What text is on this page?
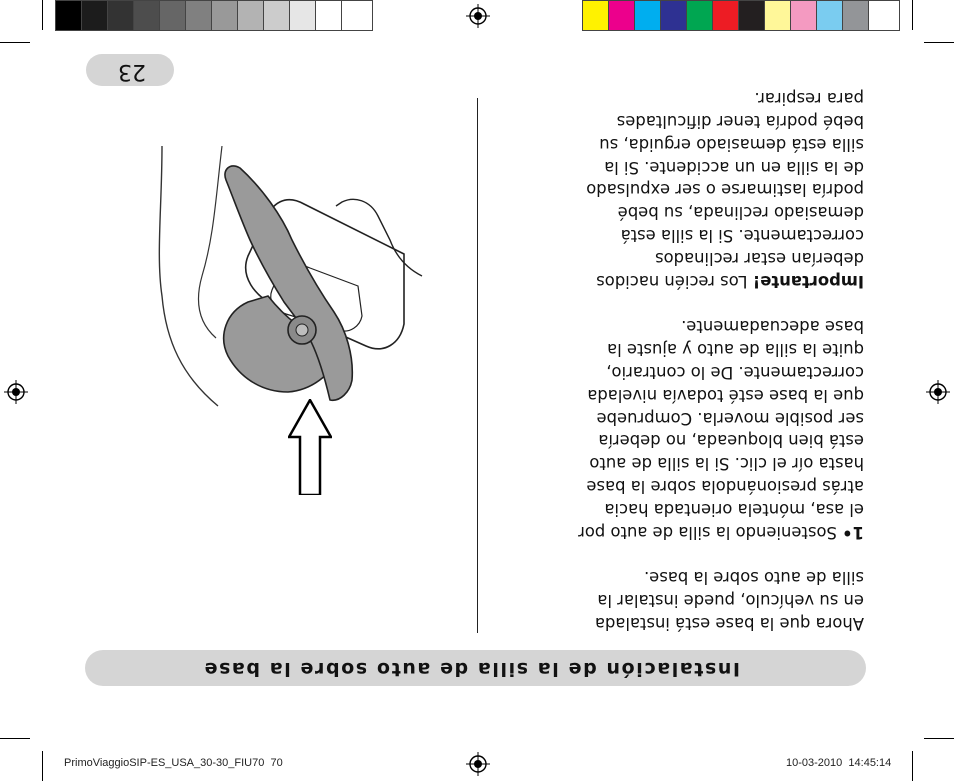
PrimoViaggioSIP-ES_USA_30-30_FIU70 70	10-03-2010 14:45:14
Instalación de la silla de auto sobre la base
23

Ahora que la base está instalada en su vehículo, puede instalar la silla de auto sobre la base.

1• Sosteniendo la silla de auto por el asa, móntela orientada hacia atrás presionándola sobre la base hasta oír el clic. Si la silla de auto está bien bloqueada, no debería ser posible moverla. Compruebe que la base esté todavía nivelada correctamente. De lo contrario, quite la silla de auto y ajuste la base adecuadamente.

Importante! Los recién nacidos deberían estar reclinados correctamente. Si la silla está demasiado reclinada, su bebé podría lastimarse o ser expulsado de la silla en un accidente. Si la silla está demasiado erguida, su bebé podría tener dificultades para respirar.
